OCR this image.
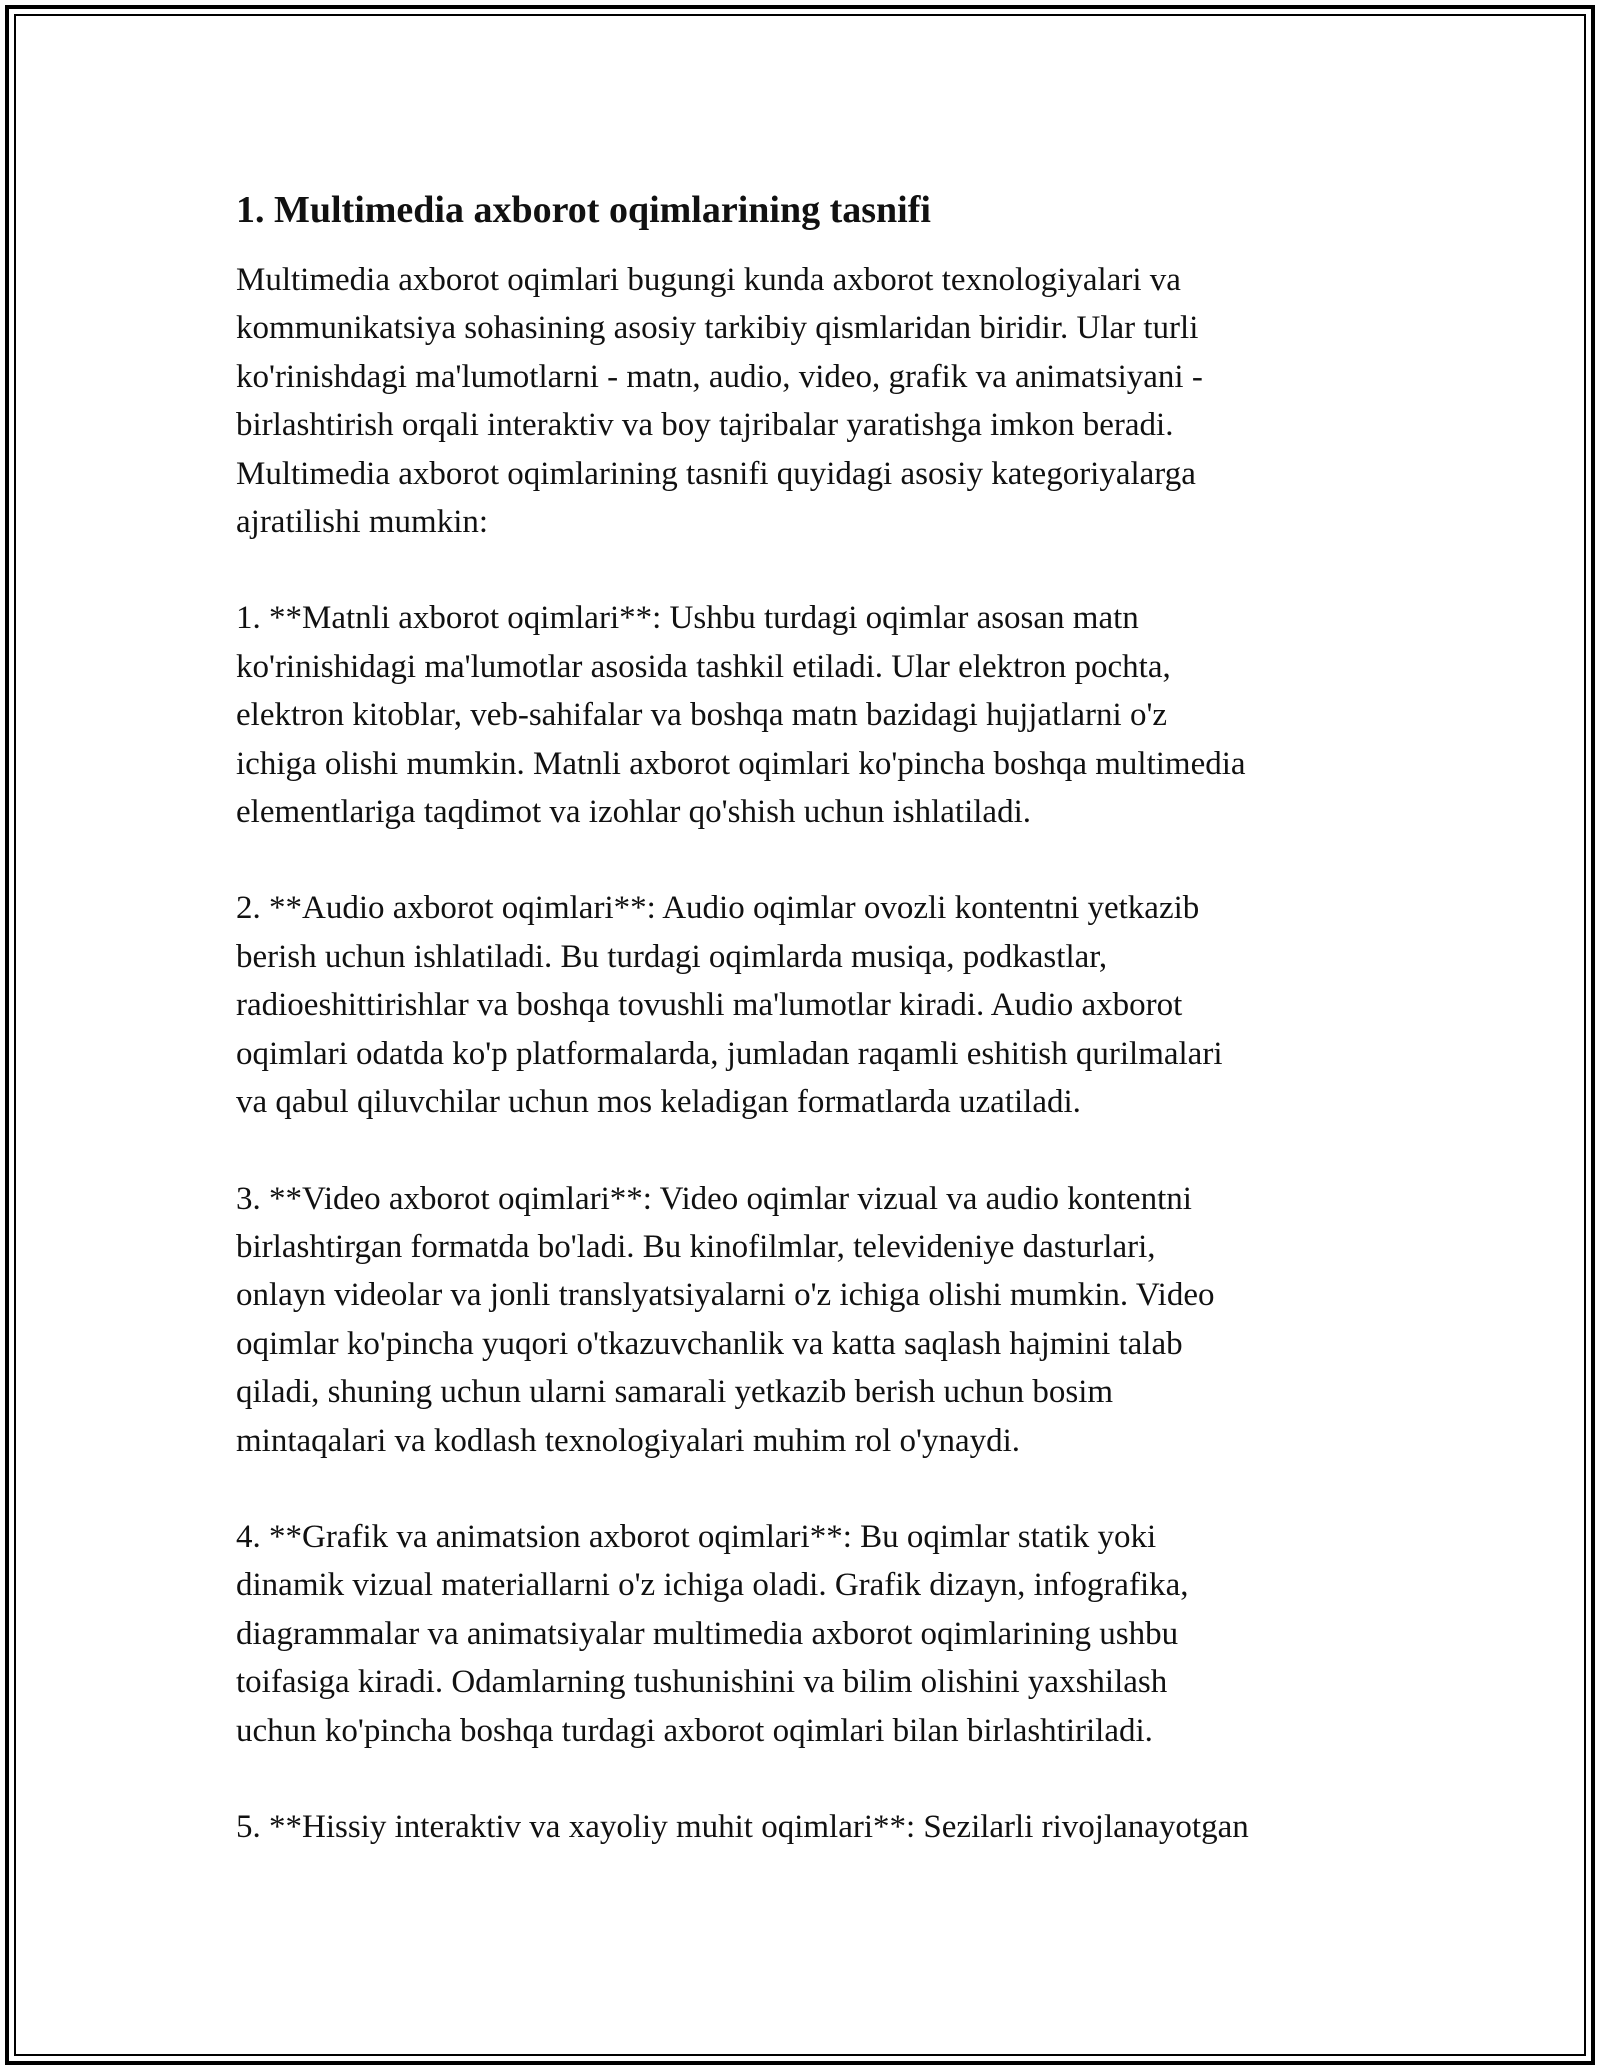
1. Multimedia axborot oqimlarining tasnifi

Multimedia axborot oqimlari bugungi kunda axborot texnologiyalari va
kommunikatsiya sohasining asosiy tarkibiy qismlaridan biridir. Ular turli
ko'rinishdagi ma'lumotlarni - matn, audio, video, grafik va animatsiyani -
birlashtirish orqali interaktiv va boy tajribalar yaratishga imkon beradi.
Multimedia axborot oqimlarining tasnifi quyidagi asosiy kategoriyalarga
ajratilishi mumkin:

1. **Matnli axborot oqimlari**: Ushbu turdagi oqimlar asosan matn
ko'rinishidagi ma'lumotlar asosida tashkil etiladi. Ular elektron pochta,
elektron kitoblar, veb-sahifalar va boshqa matn bazidagi hujjatlarni o'z
ichiga olishi mumkin. Matnli axborot oqimlari ko'pincha boshqa multimedia
elementlariga taqdimot va izohlar qo'shish uchun ishlatiladi.

2. **Audio axborot oqimlari**: Audio oqimlar ovozli kontentni yetkazib
berish uchun ishlatiladi. Bu turdagi oqimlarda musiqa, podkastlar,
radioeshittirishlar va boshqa tovushli ma'lumotlar kiradi. Audio axborot
oqimlari odatda ko'p platformalarda, jumladan raqamli eshitish qurilmalari
va qabul qiluvchilar uchun mos keladigan formatlarda uzatiladi.

3. **Video axborot oqimlari**: Video oqimlar vizual va audio kontentni
birlashtirgan formatda bo'ladi. Bu kinofilmlar, televideniye dasturlari,
onlayn videolar va jonli translyatsiyalarni o'z ichiga olishi mumkin. Video
oqimlar ko'pincha yuqori o'tkazuvchanlik va katta saqlash hajmini talab
qiladi, shuning uchun ularni samarali yetkazib berish uchun bosim
mintaqalari va kodlash texnologiyalari muhim rol o'ynaydi.

4. **Grafik va animatsion axborot oqimlari**: Bu oqimlar statik yoki
dinamik vizual materiallarni o'z ichiga oladi. Grafik dizayn, infografika,
diagrammalar va animatsiyalar multimedia axborot oqimlarining ushbu
toifasiga kiradi. Odamlarning tushunishini va bilim olishini yaxshilash
uchun ko'pincha boshqa turdagi axborot oqimlari bilan birlashtiriladi.

5. **Hissiy interaktiv va xayoliy muhit oqimlari**: Sezilarli rivojlanayotgan
